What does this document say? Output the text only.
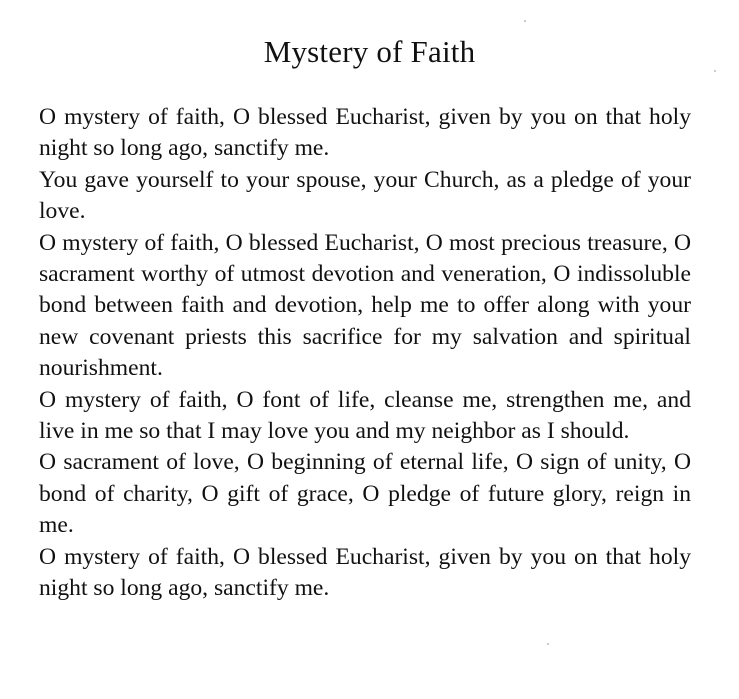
Mystery of Faith

O mystery of faith, O blessed Eucharist, given by you on that holy night so long ago, sanctify me.

You gave yourself to your spouse, your Church, as a pledge of your love.

O mystery of faith, O blessed Eucharist, O most precious treasure, O sacrament worthy of utmost devotion and veneration, O indissoluble bond between faith and devotion, help me to offer along with your new covenant priests this sacrifice for my salvation and spiritual nourishment.

O mystery of faith, O font of life, cleanse me, strengthen me, and live in me so that I may love you and my neighbor as I should.

O sacrament of love, O beginning of eternal life, O sign of unity, O bond of charity, O gift of grace, O pledge of future glory, reign in me.

O mystery of faith, O blessed Eucharist, given by you on that holy night so long ago, sanctify me.
